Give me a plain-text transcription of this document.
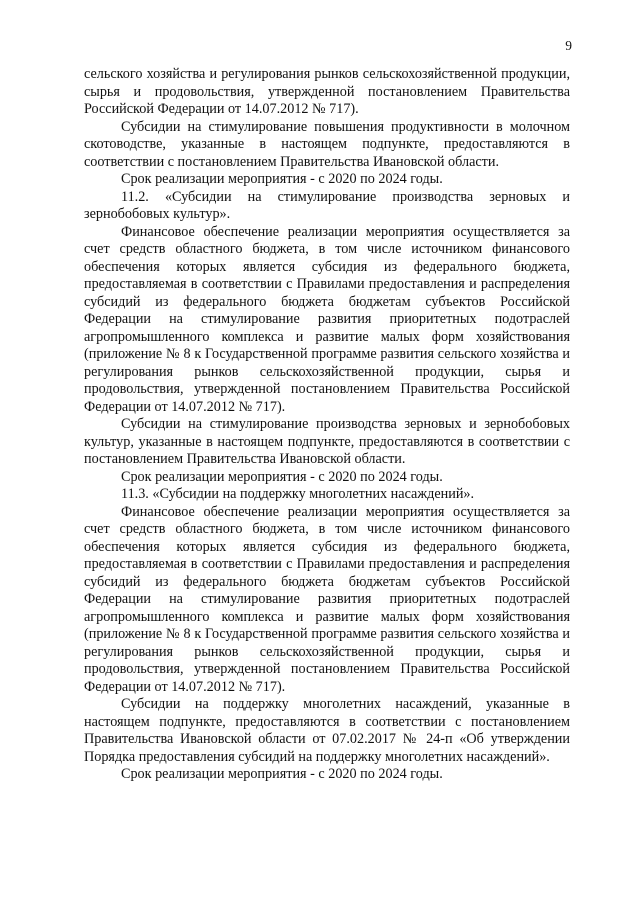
9

сельского хозяйства и регулирования рынков сельскохозяйственной продукции, сырья и продовольствия, утвержденной постановлением Правительства Российской Федерации от 14.07.2012 № 717).

Субсидии на стимулирование повышения продуктивности в молочном скотоводстве, указанные в настоящем подпункте, предоставляются в соответствии с постановлением Правительства Ивановской области.

Срок реализации мероприятия - с 2020 по 2024 годы.

11.2. «Субсидии на стимулирование производства зерновых и зернобобовых культур».

Финансовое обеспечение реализации мероприятия осуществляется за счет средств областного бюджета, в том числе источником финансового обеспечения которых является субсидия из федерального бюджета, предоставляемая в соответствии с Правилами предоставления и распределения субсидий из федерального бюджета бюджетам субъектов Российской Федерации на стимулирование развития приоритетных подотраслей агропромышленного комплекса и развитие малых форм хозяйствования (приложение № 8 к Государственной программе развития сельского хозяйства и регулирования рынков сельскохозяйственной продукции, сырья и продовольствия, утвержденной постановлением Правительства Российской Федерации от 14.07.2012 № 717).

Субсидии на стимулирование производства зерновых и зернобобовых культур, указанные в настоящем подпункте, предоставляются в соответствии с постановлением Правительства Ивановской области.

Срок реализации мероприятия - с 2020 по 2024 годы.

11.3. «Субсидии на поддержку многолетних насаждений».

Финансовое обеспечение реализации мероприятия осуществляется за счет средств областного бюджета, в том числе источником финансового обеспечения которых является субсидия из федерального бюджета, предоставляемая в соответствии с Правилами предоставления и распределения субсидий из федерального бюджета бюджетам субъектов Российской Федерации на стимулирование развития приоритетных подотраслей агропромышленного комплекса и развитие малых форм хозяйствования (приложение № 8 к Государственной программе развития сельского хозяйства и регулирования рынков сельскохозяйственной продукции, сырья и продовольствия, утвержденной постановлением Правительства Российской Федерации от 14.07.2012 № 717).

Субсидии на поддержку многолетних насаждений, указанные в настоящем подпункте, предоставляются в соответствии с постановлением Правительства Ивановской области от 07.02.2017 № 24-п «Об утверждении Порядка предоставления субсидий на поддержку многолетних насаждений».

Срок реализации мероприятия - с 2020 по 2024 годы.
